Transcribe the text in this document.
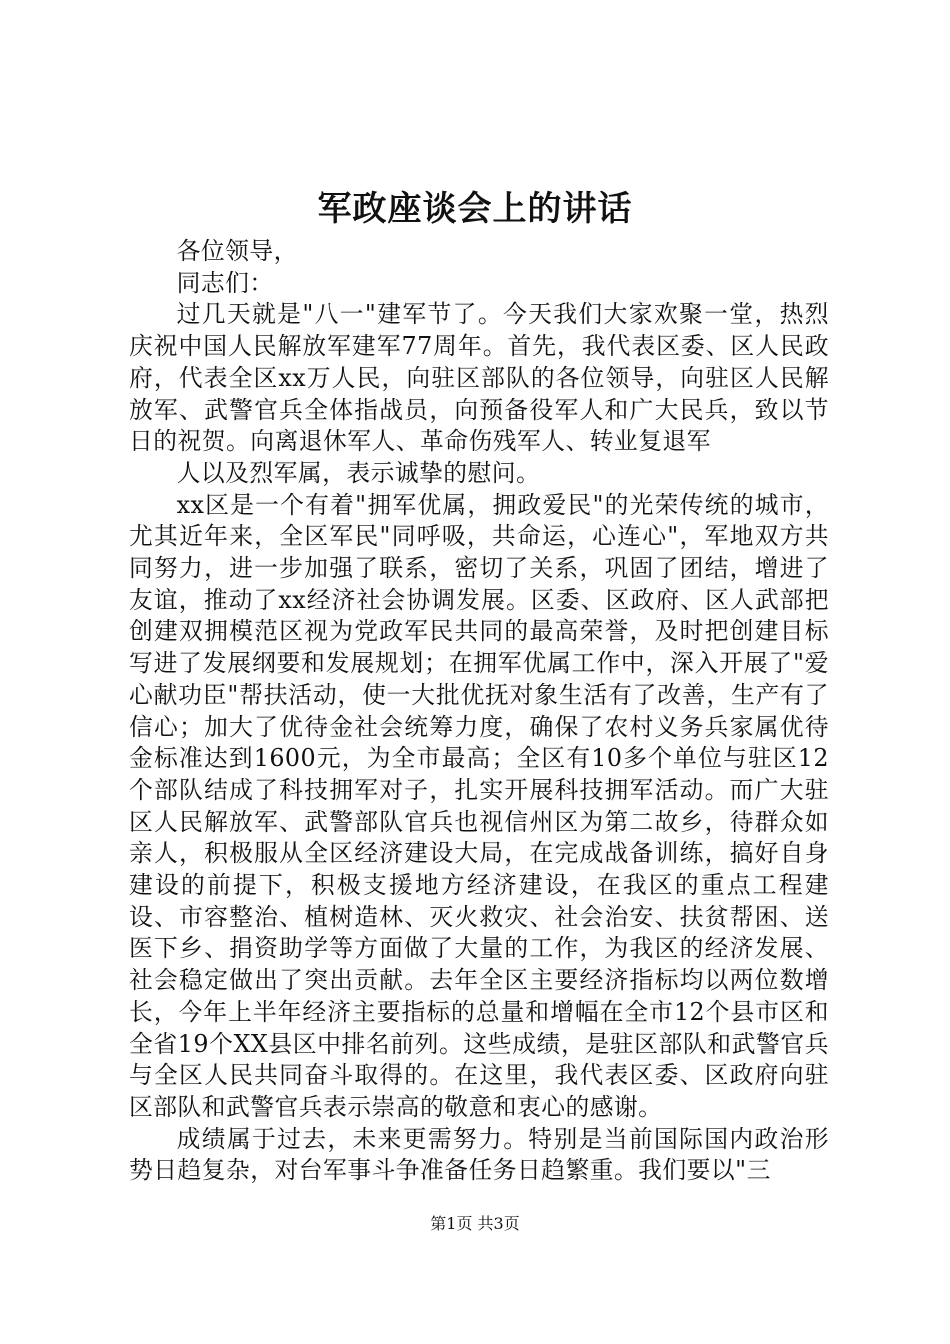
军政座谈会上的讲话

各位领导，

同志们：

过几天就是"八一"建军节了。今天我们大家欢聚一堂，热烈庆祝中国人民解放军建军77周年。首先，我代表区委、区人民政府，代表全区xx万人民，向驻区部队的各位领导，向驻区人民解放军、武警官兵全体指战员，向预备役军人和广大民兵，致以节日的祝贺。向离退休军人、革命伤残军人、转业复退军

人以及烈军属，表示诚挚的慰问。

xx区是一个有着"拥军优属，拥政爱民"的光荣传统的城市，尤其近年来，全区军民"同呼吸，共命运，心连心"，军地双方共同努力，进一步加强了联系，密切了关系，巩固了团结，增进了友谊，推动了xx经济社会协调发展。区委、区政府、区人武部把创建双拥模范区视为党政军民共同的最高荣誉，及时把创建目标写进了发展纲要和发展规划；在拥军优属工作中，深入开展了"爱心献功臣"帮扶活动，使一大批优抚对象生活有了改善，生产有了信心；加大了优待金社会统筹力度，确保了农村义务兵家属优待金标准达到1600元，为全市最高；全区有10多个单位与驻区12个部队结成了科技拥军对子，扎实开展科技拥军活动。而广大驻区人民解放军、武警部队官兵也视信州区为第二故乡，待群众如亲人，积极服从全区经济建设大局，在完成战备训练，搞好自身建设的前提下，积极支援地方经济建设，在我区的重点工程建设、市容整治、植树造林、灭火救灾、社会治安、扶贫帮困、送医下乡、捐资助学等方面做了大量的工作，为我区的经济发展、社会稳定做出了突出贡献。去年全区主要经济指标均以两位数增长，今年上半年经济主要指标的总量和增幅在全市12个县市区和全省19个XX县区中排名前列。这些成绩，是驻区部队和武警官兵与全区人民共同奋斗取得的。在这里，我代表区委、区政府向驻区部队和武警官兵表示崇高的敬意和衷心的感谢。

成绩属于过去，未来更需努力。特别是当前国际国内政治形势日趋复杂，对台军事斗争准备任务日趋繁重。我们要以"三

第1页 共3页
